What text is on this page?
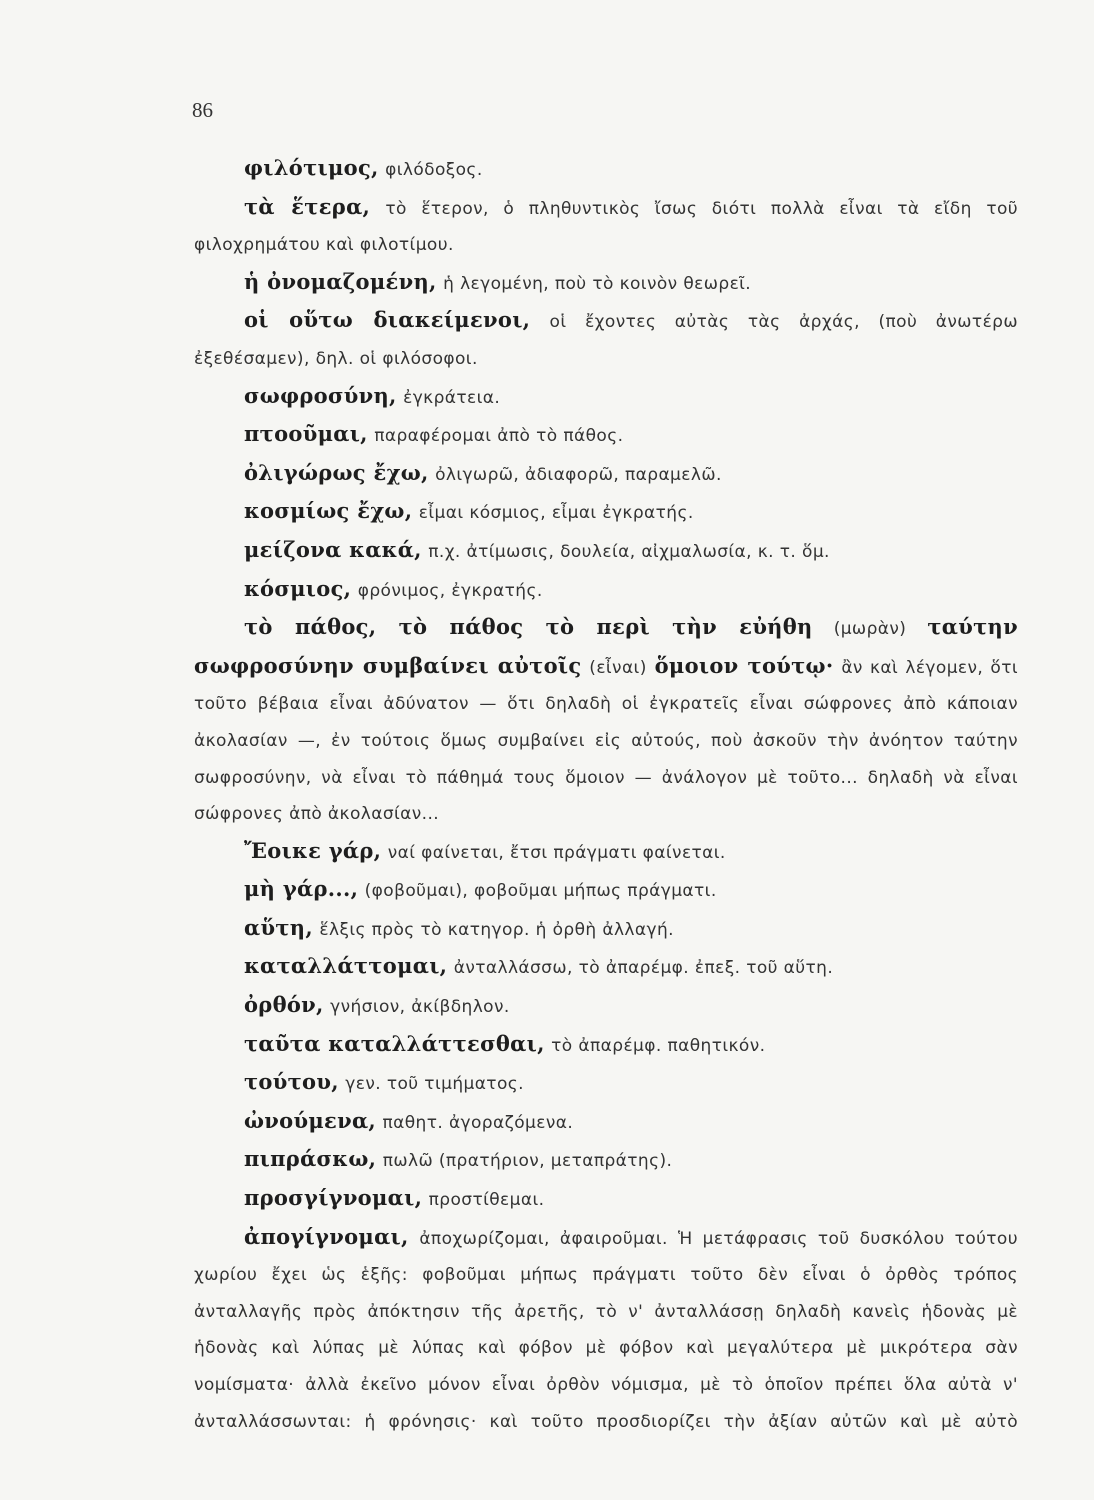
86

φιλότιμος, φιλόδοξος.

τὰ ἕτερα, τὸ ἕτερον, ὁ πληθυντικὸς ἴσως διότι πολλὰ εἶναι τὰ εἴδη τοῦ φιλοχρημάτου καὶ φιλοτίμου.

ἡ ὀνομαζομένη, ἡ λεγομένη, ποὺ τὸ κοινὸν θεωρεῖ.

οἱ οὕτω διακείμενοι, οἱ ἔχοντες αὐτὰς τὰς ἀρχάς, (ποὺ ἀνωτέρω ἐξεθέσαμεν), δηλ. οἱ φιλόσοφοι.

σωφροσύνη, ἐγκράτεια.

πτοοῦμαι, παραφέρομαι ἀπὸ τὸ πάθος.

ὀλιγώρως ἔχω, ὀλιγωρῶ, ἀδιαφορῶ, παραμελῶ.

κοσμίως ἔχω, εἶμαι κόσμιος, εἶμαι ἐγκρατής.

μείζονα κακά, π.χ. ἀτίμωσις, δουλεία, αἰχμαλωσία, κ. τ. ὅμ.

κόσμιος, φρόνιμος, ἐγκρατής.

τὸ πάθος, τὸ πάθος τὸ περὶ τὴν εὐήθη (μωρὰν) ταύτην σωφροσύνην συμβαίνει αὐτοῖς (εἶναι) ὅμοιον τούτῳ· ἂν καὶ λέγομεν, ὅτι τοῦτο βέβαια εἶναι ἀδύνατον — ὅτι δηλαδὴ οἱ ἐγκρατεῖς εἶναι σώφρονες ἀπὸ κάποιαν ἀκολασίαν —, ἐν τούτοις ὅμως συμβαίνει εἰς αὐτούς, ποὺ ἀσκοῦν τὴν ἀνόητον ταύτην σωφροσύνην, νὰ εἶναι τὸ πάθημά τους ὅμοιον — ἀνάλογον μὲ τοῦτο... δηλαδὴ νὰ εἶναι σώφρονες ἀπὸ ἀκολασίαν...

Ἔοικε γάρ, ναί φαίνεται, ἔτσι πράγματι φαίνεται.

μὴ γάρ..., (φοβοῦμαι), φοβοῦμαι μήπως πράγματι.

αὕτη, ἕλξις πρὸς τὸ κατηγορ. ἡ ὀρθὴ ἀλλαγή.

καταλλάττομαι, ἀνταλλάσσω, τὸ ἀπαρέμφ. ἐπεξ. τοῦ αὕτη.

ὀρθόν, γνήσιον, ἀκίβδηλον.

ταῦτα καταλλάττεσθαι, τὸ ἀπαρέμφ. παθητικόν.

τούτου, γεν. τοῦ τιμήματος.

ὠνούμενα, παθητ. ἀγοραζόμενα.

πιπράσκω, πωλῶ (πρατήριον, μεταπράτης).

προσγίγνομαι, προστίθεμαι.

ἀπογίγνομαι, ἀποχωρίζομαι, ἀφαιροῦμαι. Ἡ μετάφρασις τοῦ δυσκόλου τούτου χωρίου ἔχει ὡς ἑξῆς: φοβοῦμαι μήπως πράγματι τοῦτο δὲν εἶναι ὁ ὀρθὸς τρόπος ἀνταλλαγῆς πρὸς ἀπόκτησιν τῆς ἀρετῆς, τὸ ν' ἀνταλλάσσῃ δηλαδὴ κανεὶς ἡδονὰς μὲ ἡδονὰς καὶ λύπας μὲ λύπας καὶ φόβον μὲ φόβον καὶ μεγαλύτερα μὲ μικρότερα σὰν νομίσματα· ἀλλὰ ἐκεῖνο μόνον εἶναι ὀρθὸν νόμισμα, μὲ τὸ ὁποῖον πρέπει ὅλα αὐτὰ ν' ἀνταλλάσσωνται: ἡ φρόνησις· καὶ τοῦτο προσδιορίζει τὴν ἀξίαν αὐτῶν καὶ μὲ αὐτὸ
